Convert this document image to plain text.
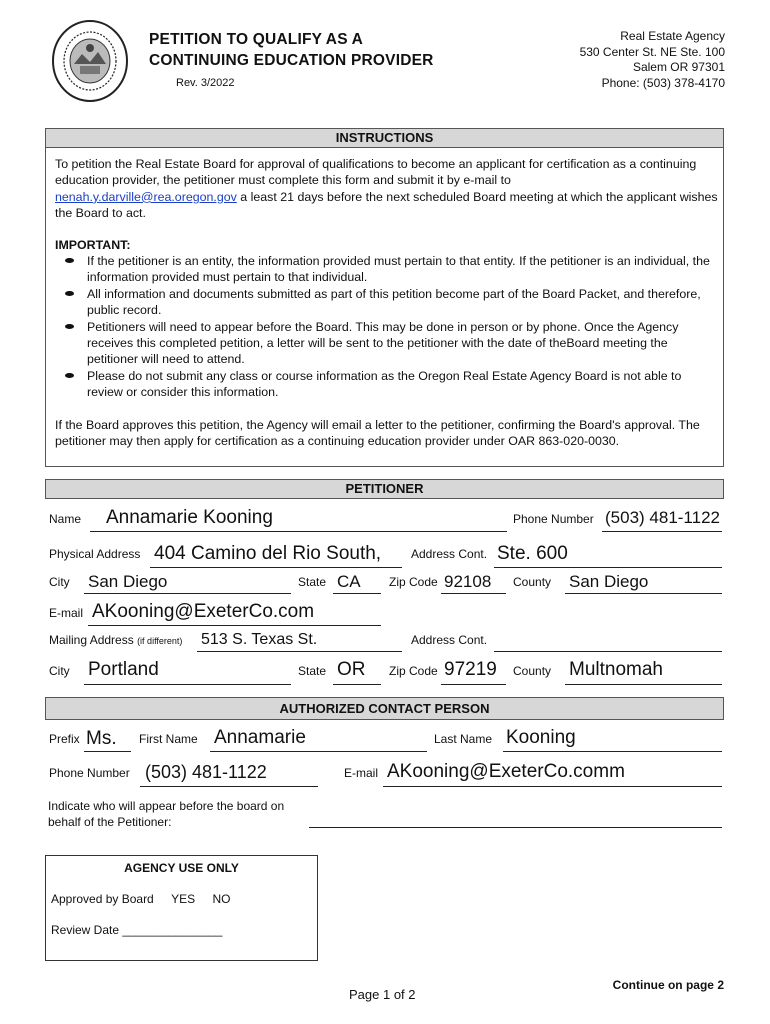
PETITION TO QUALIFY AS A
CONTINUING EDUCATION PROVIDER
Rev. 3/2022
Real Estate Agency
530 Center St. NE Ste. 100
Salem OR 97301
Phone: (503) 378-4170
INSTRUCTIONS
To petition the Real Estate Board for approval of qualifications to become an applicant for certification as a continuing education provider, the petitioner must complete this form and submit it by e-mail to
nenah.y.darville@rea.oregon.gov a least 21 days before the next scheduled Board meeting at which the applicant wishes the Board to act.
IMPORTANT:
If the petitioner is an entity, the information provided must pertain to that entity. If the petitioner is an individual, the information provided must pertain to that individual.
All information and documents submitted as part of this petition become part of the Board Packet, and therefore, public record.
Petitioners will need to appear before the Board. This may be done in person or by phone. Once the Agency receives this completed petition, a letter will be sent to the petitioner with the date of theBoard meeting the petitioner will need to attend.
Please do not submit any class or course information as the Oregon Real Estate Agency Board is not able to review or consider this information.
If the Board approves this petition, the Agency will email a letter to the petitioner, confirming the Board's approval. The petitioner may then apply for certification as a continuing education provider under OAR 863-020-0030.
PETITIONER
Name Annamarie Kooning	Phone Number (503) 481-1122
Physical Address 404 Camino del Rio South, Address Cont. Ste. 600
City San Diego	State CA Zip Code 92108 County San Diego
E-mail AKooning@ExeterCo.com
Mailing Address (if different) 513 S. Texas St.	Address Cont.
City Portland	State OR Zip Code 97219 County Multnomah
AUTHORIZED CONTACT PERSON
Prefix Ms. First Name Annamarie	Last Name Kooning
Phone Number (503) 481-1122	E-mail AKooning@ExeterCo.comm
Indicate who will appear before the board on
behalf of the Petitioner:
AGENCY USE ONLY
Approved by Board YES NO
Review Date _______________
Page 1 of 2
Continue on page 2
